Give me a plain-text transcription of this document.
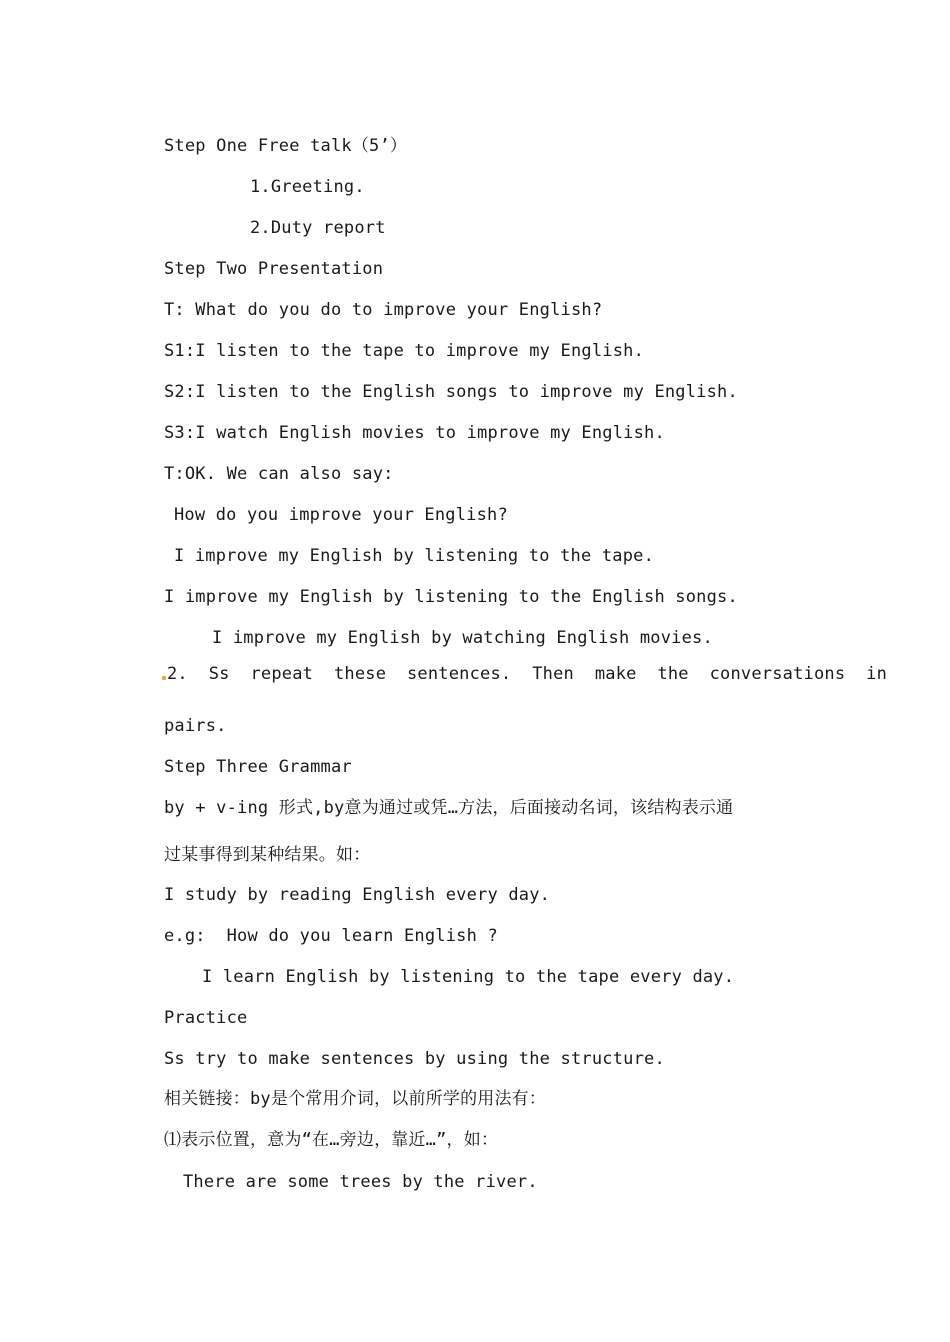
Step One Free talk（5’）
1.Greeting.
2.Duty report
Step Two Presentation
T: What do you do to improve your English?
S1:I listen to the tape to improve my English.
S2:I listen to the English songs to improve my English.
S3:I watch English movies to improve my English.
T:OK. We can also say:
How do you improve your English?
I improve my English by listening to the tape.
I improve my English by listening to the English songs.
I improve my English by watching English movies.
2.  Ss  repeat  these  sentences.  Then  make  the  conversations  in
pairs.
Step Three Grammar
by + v-ing 形式,by意为通过或凭…方法，后面接动名词，该结构表示通
过某事得到某种结果。如：
I study by reading English every day.
e.g:  How do you learn English ?
I learn English by listening to the tape every day.
Practice
Ss try to make sentences by using the structure.
相关链接：by是个常用介词，以前所学的用法有：
⑴表示位置，意为“在…旁边，靠近…”，如：
There are some trees by the river.
